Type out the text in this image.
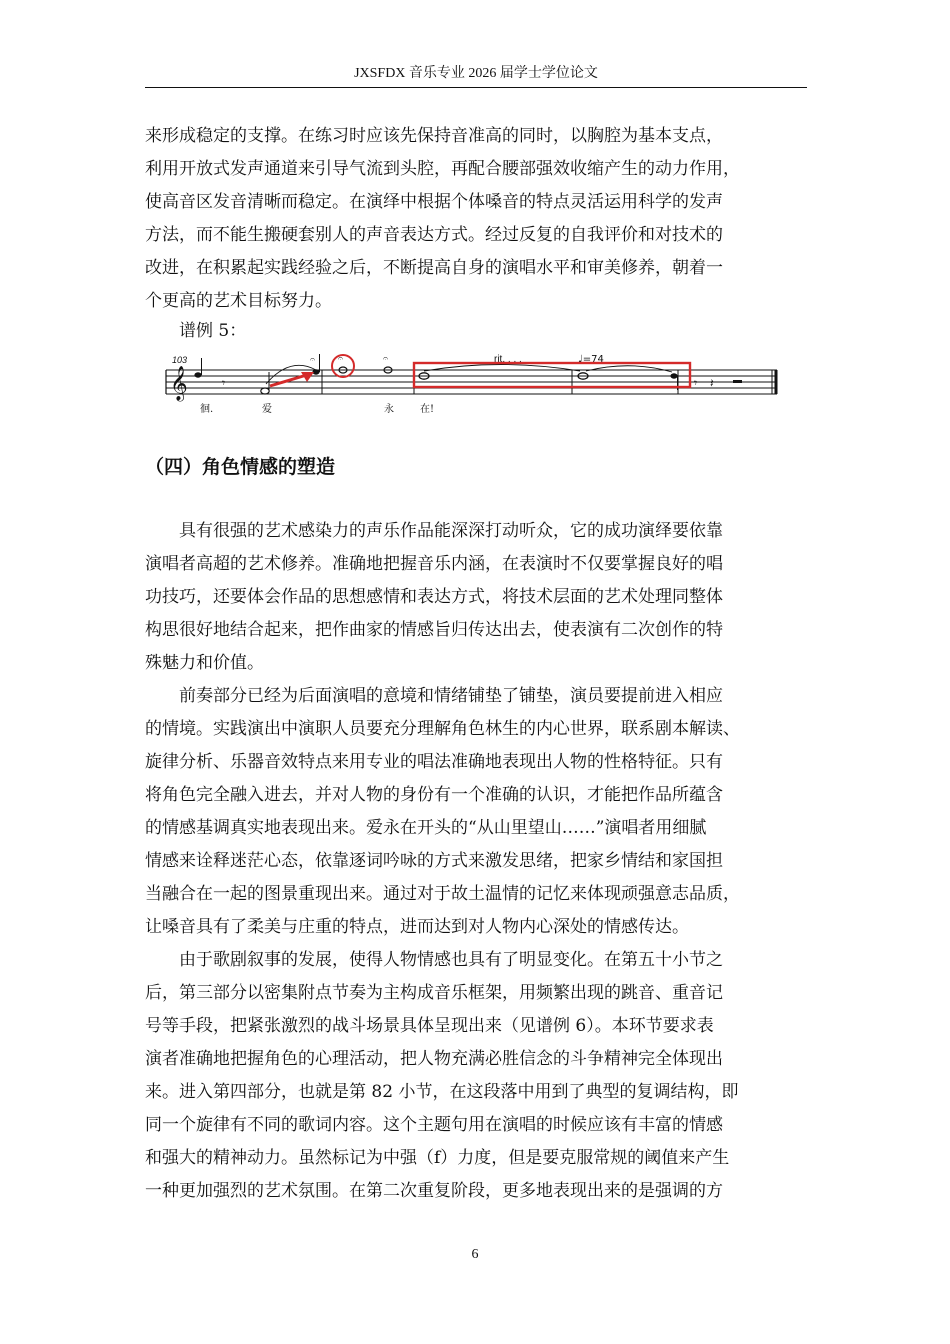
JXSFDX 音乐专业 2026 届学士学位论文
来形成稳定的支撑。在练习时应该先保持音准高的同时，以胸腔为基本支点，
利用开放式发声通道来引导气流到头腔，再配合腰部强效收缩产生的动力作用，
使高音区发音清晰而稳定。在演绎中根据个体嗓音的特点灵活运用科学的发声
方法，而不能生搬硬套别人的声音表达方式。经过反复的自我评价和对技术的
改进，在积累起实践经验之后，不断提高自身的演唱水平和审美修养，朝着一
个更高的艺术目标努力。
谱例 5：
103
𝄞	𝄾
𝄐	𝄐	𝄐	rit. . . .	♩=74
𝄾 𝄽
徊.	爱	永	在!
（四）角色情感的塑造
具有很强的艺术感染力的声乐作品能深深打动听众，它的成功演绎要依靠
演唱者高超的艺术修养。准确地把握音乐内涵，在表演时不仅要掌握良好的唱
功技巧，还要体会作品的思想感情和表达方式，将技术层面的艺术处理同整体
构思很好地结合起来，把作曲家的情感旨归传达出去，使表演有二次创作的特
殊魅力和价值。
前奏部分已经为后面演唱的意境和情绪铺垫了铺垫，演员要提前进入相应
的情境。实践演出中演职人员要充分理解角色林生的内心世界，联系剧本解读、
旋律分析、乐器音效特点来用专业的唱法准确地表现出人物的性格特征。只有
将角色完全融入进去，并对人物的身份有一个准确的认识，才能把作品所蕴含
的情感基调真实地表现出来。爱永在开头的“从山里望山……”演唱者用细腻
情感来诠释迷茫心态，依靠逐词吟咏的方式来激发思绪，把家乡情结和家国担
当融合在一起的图景重现出来。通过对于故土温情的记忆来体现顽强意志品质，
让嗓音具有了柔美与庄重的特点，进而达到对人物内心深处的情感传达。
由于歌剧叙事的发展，使得人物情感也具有了明显变化。在第五十小节之
后，第三部分以密集附点节奏为主构成音乐框架，用频繁出现的跳音、重音记
号等手段，把紧张激烈的战斗场景具体呈现出来（见谱例 6）。本环节要求表
演者准确地把握角色的心理活动，把人物充满必胜信念的斗争精神完全体现出
来。进入第四部分，也就是第 82 小节，在这段落中用到了典型的复调结构，即
同一个旋律有不同的歌词内容。这个主题句用在演唱的时候应该有丰富的情感
和强大的精神动力。虽然标记为中强（f）力度，但是要克服常规的阈值来产生
一种更加强烈的艺术氛围。在第二次重复阶段，更多地表现出来的是强调的方
6
